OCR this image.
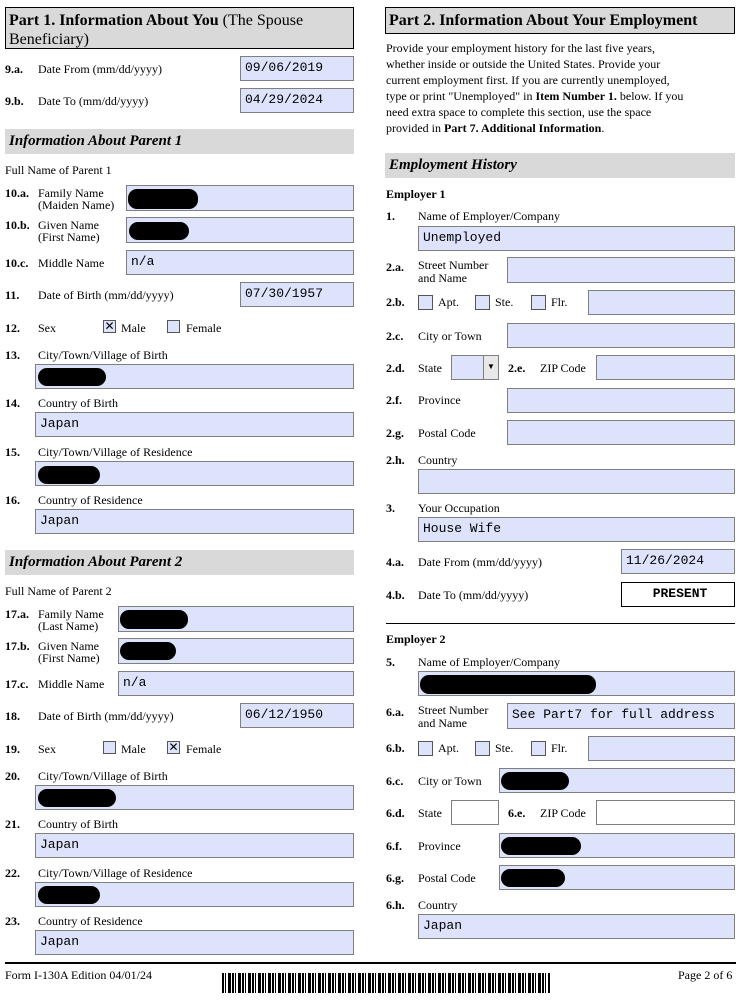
Part 1. Information About You (The Spouse Beneficiary)
9.a. Date From (mm/dd/yyyy)	09/06/2019
9.b. Date To (mm/dd/yyyy)	04/29/2024
Information About Parent 1
Full Name of Parent 1
10.a. Family Name
(Maiden Name)
10.b. Given Name
(First Name)
10.c. Middle Name	n/a
11. Date of Birth (mm/dd/yyyy)	07/30/1957
12. Sex	✕ Male	Female
13. City/Town/Village of Birth
14. Country of Birth
Japan
15. City/Town/Village of Residence
16. Country of Residence
Japan
Information About Parent 2
Full Name of Parent 2
17.a. Family Name
(Last Name)
17.b. Given Name
(First Name)
17.c. Middle Name	n/a
18. Date of Birth (mm/dd/yyyy)	06/12/1950
19. Sex	Male ✕ Female
20. City/Town/Village of Birth
21. Country of Birth
Japan
22. City/Town/Village of Residence
23. Country of Residence
Japan
Part 2. Information About Your Employment
Provide your employment history for the last five years,
whether inside or outside the United States. Provide your
current employment first. If you are currently unemployed,
type or print "Unemployed" in Item Number 1. below. If you
need extra space to complete this section, use the space
provided in Part 7. Additional Information.
Employment History
Employer 1
1. Name of Employer/Company
Unemployed
2.a. Street Number
and Name
2.b.	Apt.	Ste.	Flr.
2.c. City or Town
2.d. State	▼ 2.e. ZIP Code
2.f. Province
2.g. Postal Code
2.h. Country
3. Your Occupation
House Wife
4.a. Date From (mm/dd/yyyy)	11/26/2024
4.b. Date To (mm/dd/yyyy)	PRESENT
Employer 2
5. Name of Employer/Company
6.a. Street Number
and Name
See Part7 for full address
6.b.	Apt.	Ste.	Flr.
6.c. City or Town
6.d. State	6.e. ZIP Code
6.f. Province
6.g. Postal Code
6.h. Country
Japan
Form I-130A Edition 04/01/24	Page 2 of 6
